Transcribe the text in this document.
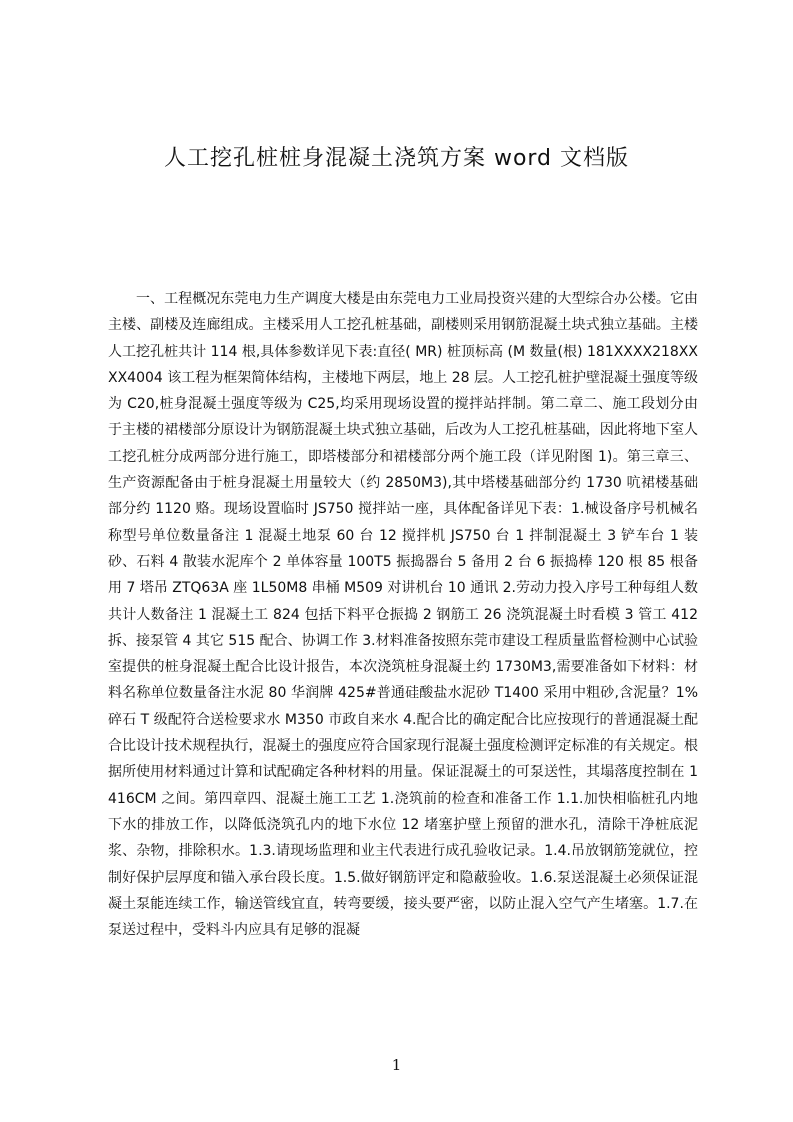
人工挖孔桩桩身混凝土浇筑方案 word 文档版

一、工程概况东莞电力生产调度大楼是由东莞电力工业局投资兴建的大型综合办公楼。它由主楼、副楼及连廊组成。主楼采用人工挖孔桩基础，副楼则采用钢筋混凝土块式独立基础。主楼人工挖孔桩共计 114 根,具体参数详见下表:直径( MR) 桩顶标高 (M 数量(根) 181XXXX218XXXX4004 该工程为框架简体结构，主楼地下两层，地上 28 层。人工挖孔桩护壁混凝土强度等级为 C20,桩身混凝土强度等级为 C25,均采用现场设置的搅拌站拌制。第二章二、施工段划分由于主楼的裙楼部分原设计为钢筋混凝土块式独立基础，后改为人工挖孔桩基础，因此将地下室人工挖孔桩分成两部分进行施工，即塔楼部分和裙楼部分两个施工段（详见附图 1)。第三章三、生产资源配备由于桩身混凝土用量较大（约 2850M3),其中塔楼基础部分约 1730 吭裙楼基础部分约 1120 赂。现场设置临时 JS750 搅拌站一座，具体配备详见下表：1.械设备序号机械名称型号单位数量备注 1 混凝土地泵 60 台 12 搅拌机 JS750 台 1 拌制混凝土 3 铲车台 1 装砂、石料 4 散装水泥库个 2 单体容量 100T5 振捣器台 5 备用 2 台 6 振捣棒 120 根 85 根备用 7 塔吊 ZTQ63A 座 1L50M8 串桶 M509 对讲机台 10 通讯 2.劳动力投入序号工种每组人数共计人数备注 1 混凝土工 824 包括下料平仓振捣 2 钢筋工 26 浇筑混凝土时看模 3 管工 412 拆、接泵管 4 其它 515 配合、协调工作 3.材料准备按照东莞市建设工程质量监督检测中心试验室提供的桩身混凝土配合比设计报告，本次浇筑桩身混凝土约 1730M3,需要准备如下材料：材料名称单位数量备注水泥 80 华润牌 425#普通硅酸盐水泥砂 T1400 采用中粗砂,含泥量？1%碎石 T 级配符合送检要求水 M350 市政自来水 4.配合比的确定配合比应按现行的普通混凝土配合比设计技术规程执行，混凝土的强度应符合国家现行混凝土强度检测评定标准的有关规定。根据所使用材料通过计算和试配确定各种材料的用量。保证混凝土的可泵送性，其塌落度控制在 1416CM 之间。第四章四、混凝土施工工艺 1.浇筑前的检查和准备工作 1.1.加快相临桩孔内地下水的排放工作，以降低浇筑孔内的地下水位 12 堵塞护壁上预留的泄水孔，清除干净桩底泥浆、杂物，排除积水。1.3.请现场监理和业主代表进行成孔验收记录。1.4.吊放钢筋笼就位，控制好保护层厚度和锚入承台段长度。1.5.做好钢筋评定和隐蔽验收。1.6.泵送混凝土必须保证混凝土泵能连续工作，输送管线宜直，转弯要缓，接头要严密，以防止混入空气产生堵塞。1.7.在泵送过程中，受料斗内应具有足够的混凝

1
